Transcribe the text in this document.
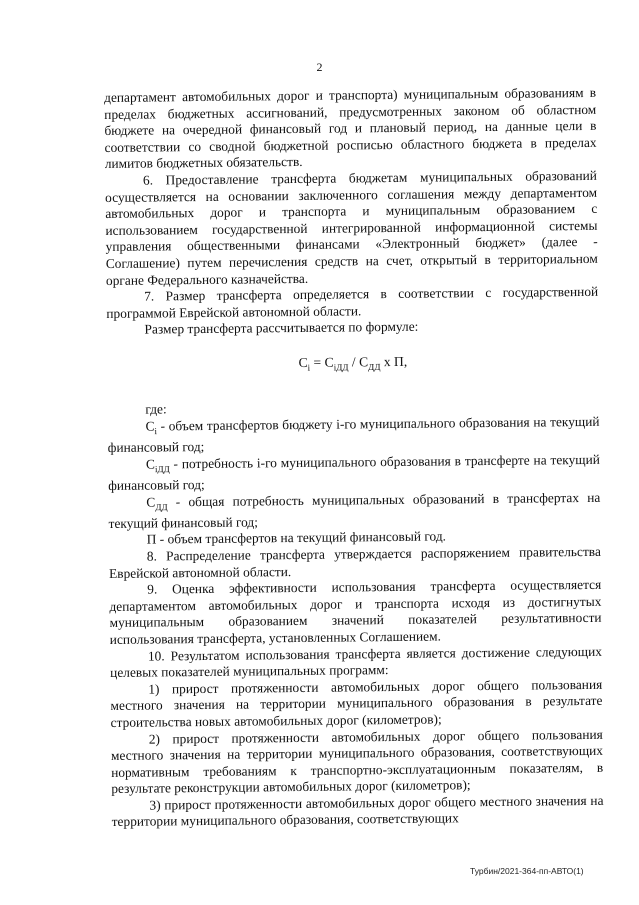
2

департамент автомобильных дорог и транспорта) муниципальным образованиям в пределах бюджетных ассигнований, предусмотренных законом об областном бюджете на очередной финансовый год и плановый период, на данные цели в соответствии со сводной бюджетной росписью областного бюджета в пределах лимитов бюджетных обязательств.

6. Предоставление трансферта бюджетам муниципальных образований осуществляется на основании заключенного соглашения между департаментом автомобильных дорог и транспорта и муниципальным образованием с использованием государственной интегрированной информационной системы управления общественными финансами «Электронный бюджет» (далее - Соглашение) путем перечисления средств на счет, открытый в территориальном органе Федерального казначейства.

7. Размер трансферта определяется в соответствии с государственной программой Еврейской автономной области.

Размер трансферта рассчитывается по формуле:

$C_i = C_{iДД} / C_{ДД}$ х П,

где:

$C_i$ - объем трансфертов бюджету i-го муниципального образования на текущий финансовый год;

$C_{iДД}$ - потребность i-го муниципального образования в трансферте на текущий финансовый год;

$C_{ДД}$ - общая потребность муниципальных образований в трансфертах на текущий финансовый год;

П - объем трансфертов на текущий финансовый год.

8. Распределение трансферта утверждается распоряжением правительства Еврейской автономной области.

9. Оценка эффективности использования трансферта осуществляется департаментом автомобильных дорог и транспорта исходя из достигнутых муниципальным образованием значений показателей результативности использования трансферта, установленных Соглашением.

10. Результатом использования трансферта является достижение следующих целевых показателей муниципальных программ:

1) прирост протяженности автомобильных дорог общего пользования местного значения на территории муниципального образования в результате строительства новых автомобильных дорог (километров);

2) прирост протяженности автомобильных дорог общего пользования местного значения на территории муниципального образования, соответствующих нормативным требованиям к транспортно-эксплуатационным показателям, в результате реконструкции автомобильных дорог (километров);

3) прирост протяженности автомобильных дорог общего местного значения на территории муниципального образования, соответствующих

Турбин/2021-364-пп-АВТО(1)
